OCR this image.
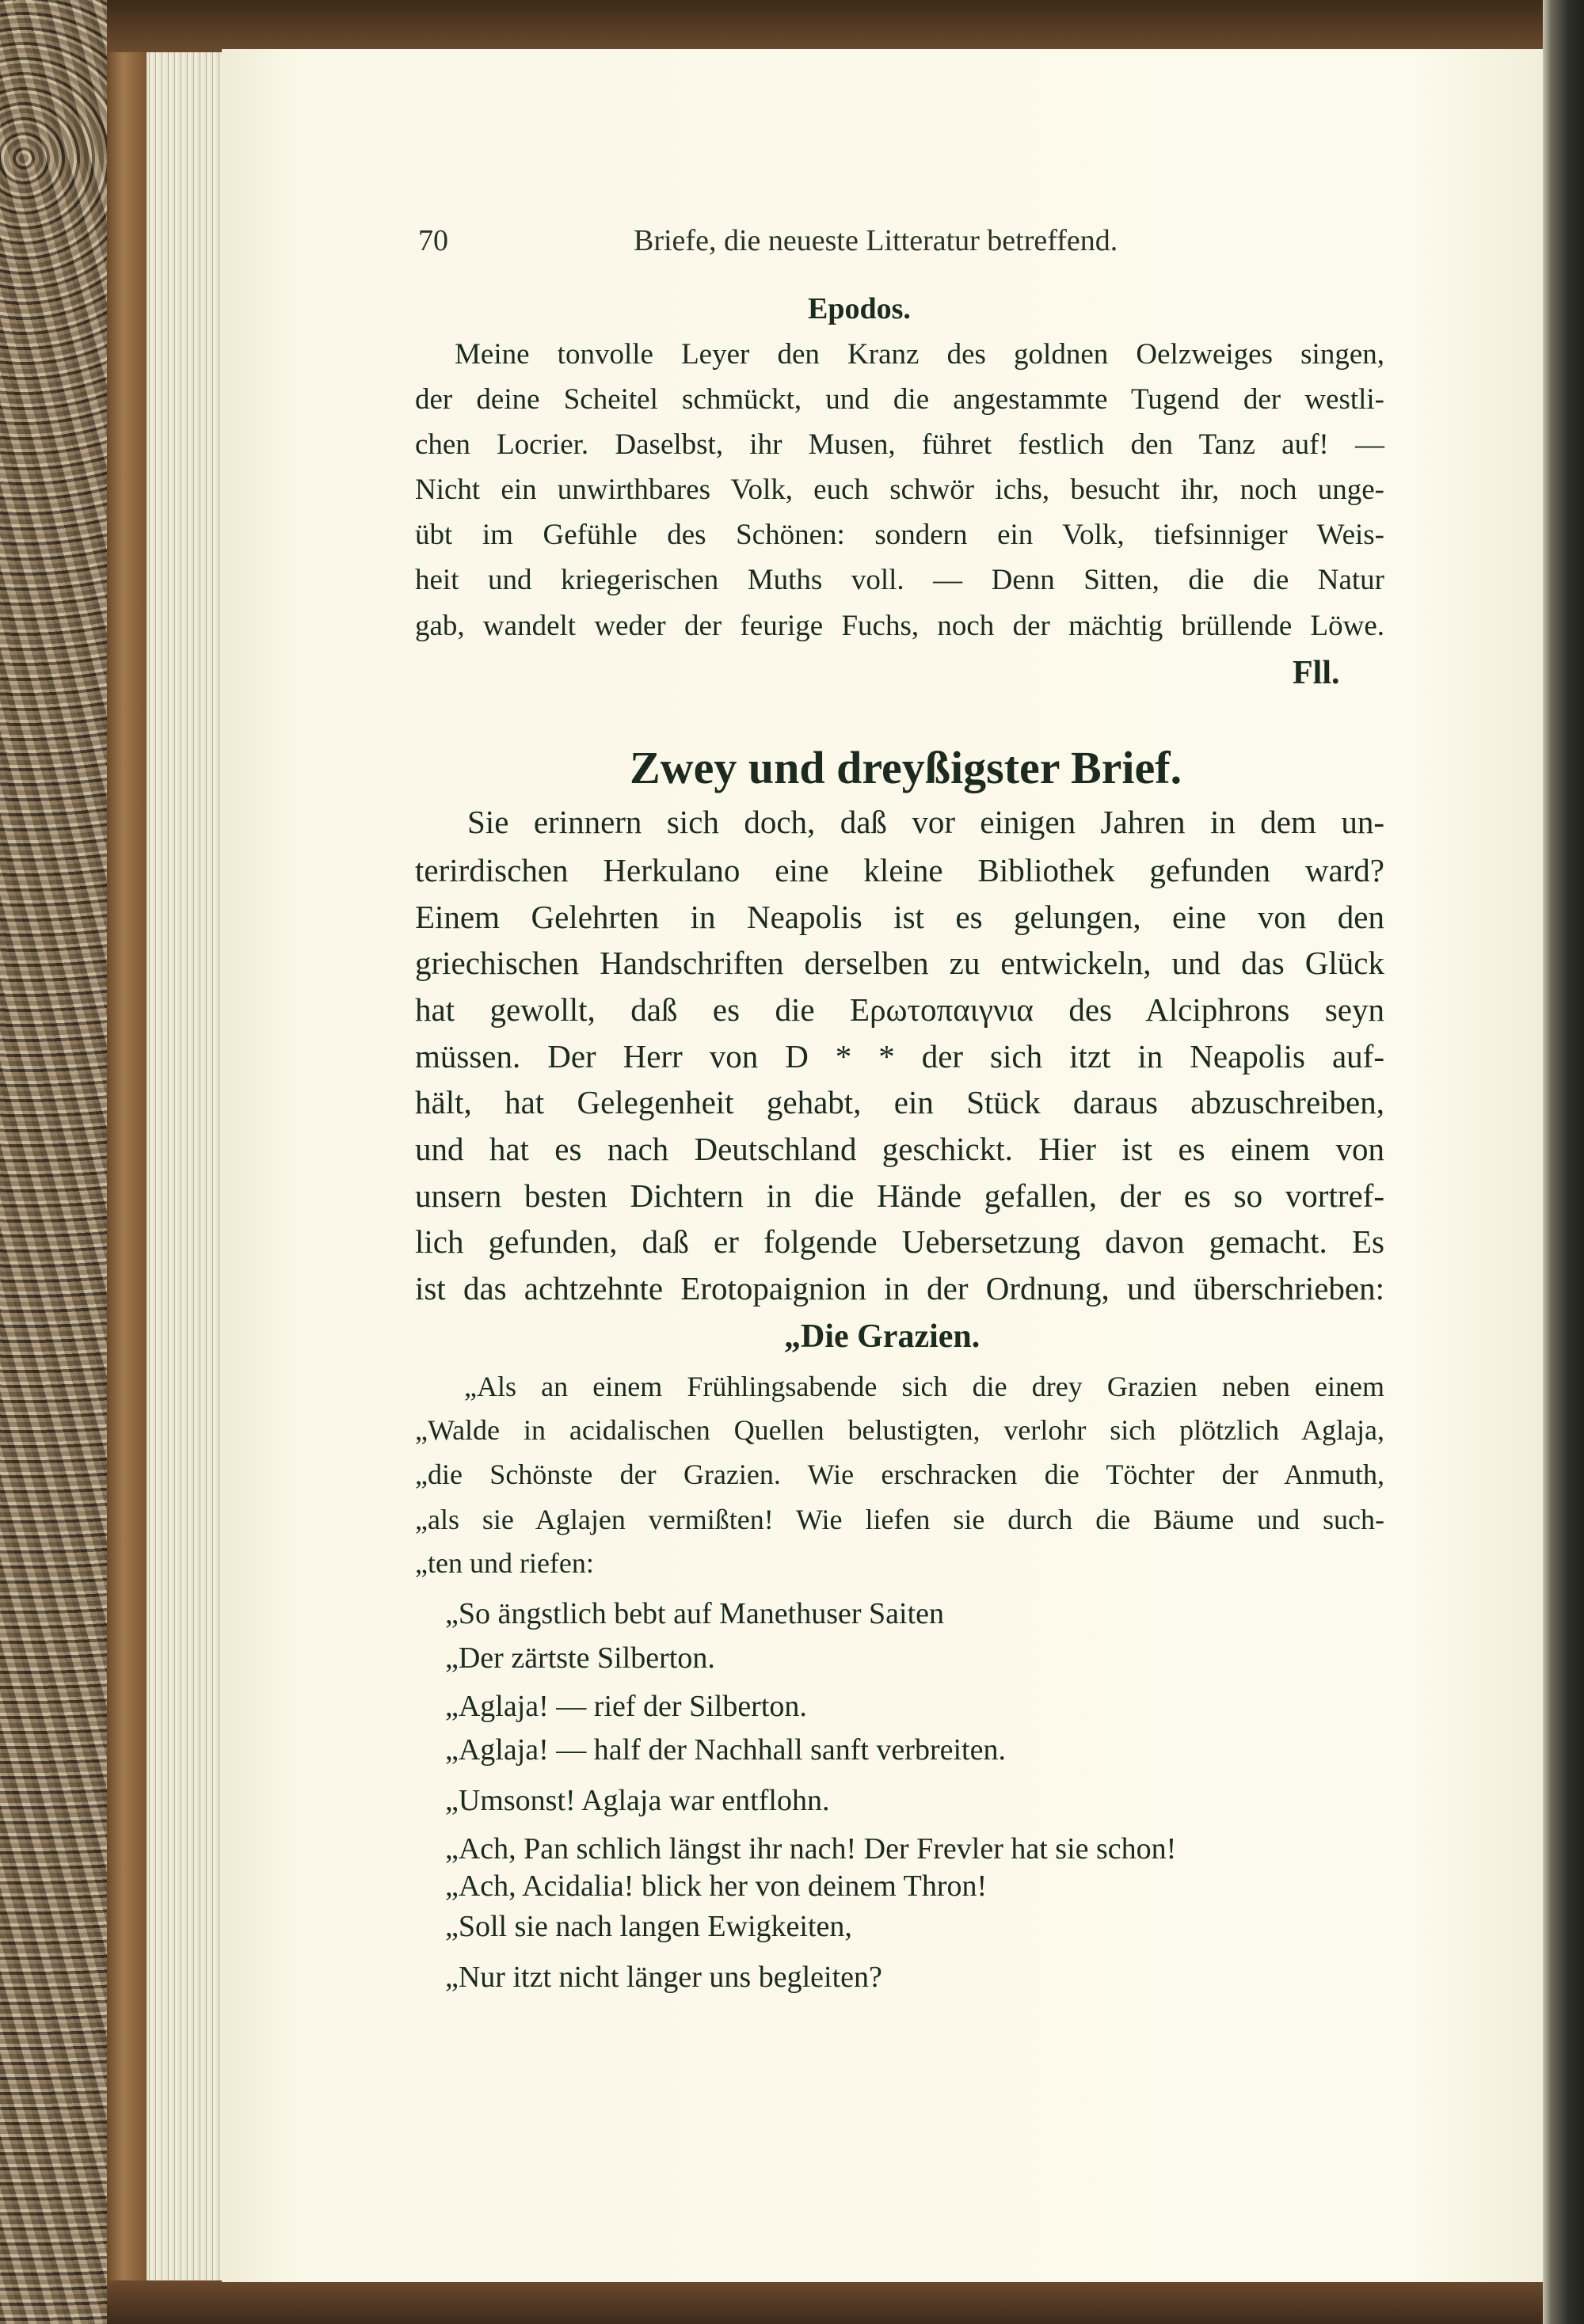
70	Briefe, die neueste Litteratur betreffend.
Epodos.
Meine tonvolle Leyer den Kranz des goldnen Oelzweiges singen,
der deine Scheitel schmückt, und die angestammte Tugend der westli-
chen Locrier. Daselbst, ihr Musen, führet festlich den Tanz auf! —
Nicht ein unwirthbares Volk, euch schwör ichs, besucht ihr, noch unge-
übt im Gefühle des Schönen: sondern ein Volk, tiefsinniger Weis-
heit und kriegerischen Muths voll. — Denn Sitten, die die Natur
gab, wandelt weder der feurige Fuchs, noch der mächtig brüllende Löwe.
Fll.
Zwey und dreyßigster Brief.
Sie erinnern sich doch, daß vor einigen Jahren in dem un-
terirdischen Herkulano eine kleine Bibliothek gefunden ward?
Einem Gelehrten in Neapolis ist es gelungen, eine von den
griechischen Handschriften derselben zu entwickeln, und das Glück
hat gewollt, daß es die Ερωτοπαιγνια des Alciphrons seyn
müssen. Der Herr von D * * der sich itzt in Neapolis auf-
hält, hat Gelegenheit gehabt, ein Stück daraus abzuschreiben,
und hat es nach Deutschland geschickt. Hier ist es einem von
unsern besten Dichtern in die Hände gefallen, der es so vortref-
lich gefunden, daß er folgende Uebersetzung davon gemacht. Es
ist das achtzehnte Erotopaignion in der Ordnung, und überschrieben:
„Die Grazien.
„Als an einem Frühlingsabende sich die drey Grazien neben einem
„Walde in acidalischen Quellen belustigten, verlohr sich plötzlich Aglaja,
„die Schönste der Grazien. Wie erschracken die Töchter der Anmuth,
„als sie Aglajen vermißten! Wie liefen sie durch die Bäume und such-
„ten und riefen:
„So ängstlich bebt auf Manethuser Saiten
„Der zärtste Silberton.
„Aglaja! — rief der Silberton.
„Aglaja! — half der Nachhall sanft verbreiten.
„Umsonst! Aglaja war entflohn.
„Ach, Pan schlich längst ihr nach! Der Frevler hat sie schon!
„Ach, Acidalia! blick her von deinem Thron!
„Soll sie nach langen Ewigkeiten,
„Nur itzt nicht länger uns begleiten?
